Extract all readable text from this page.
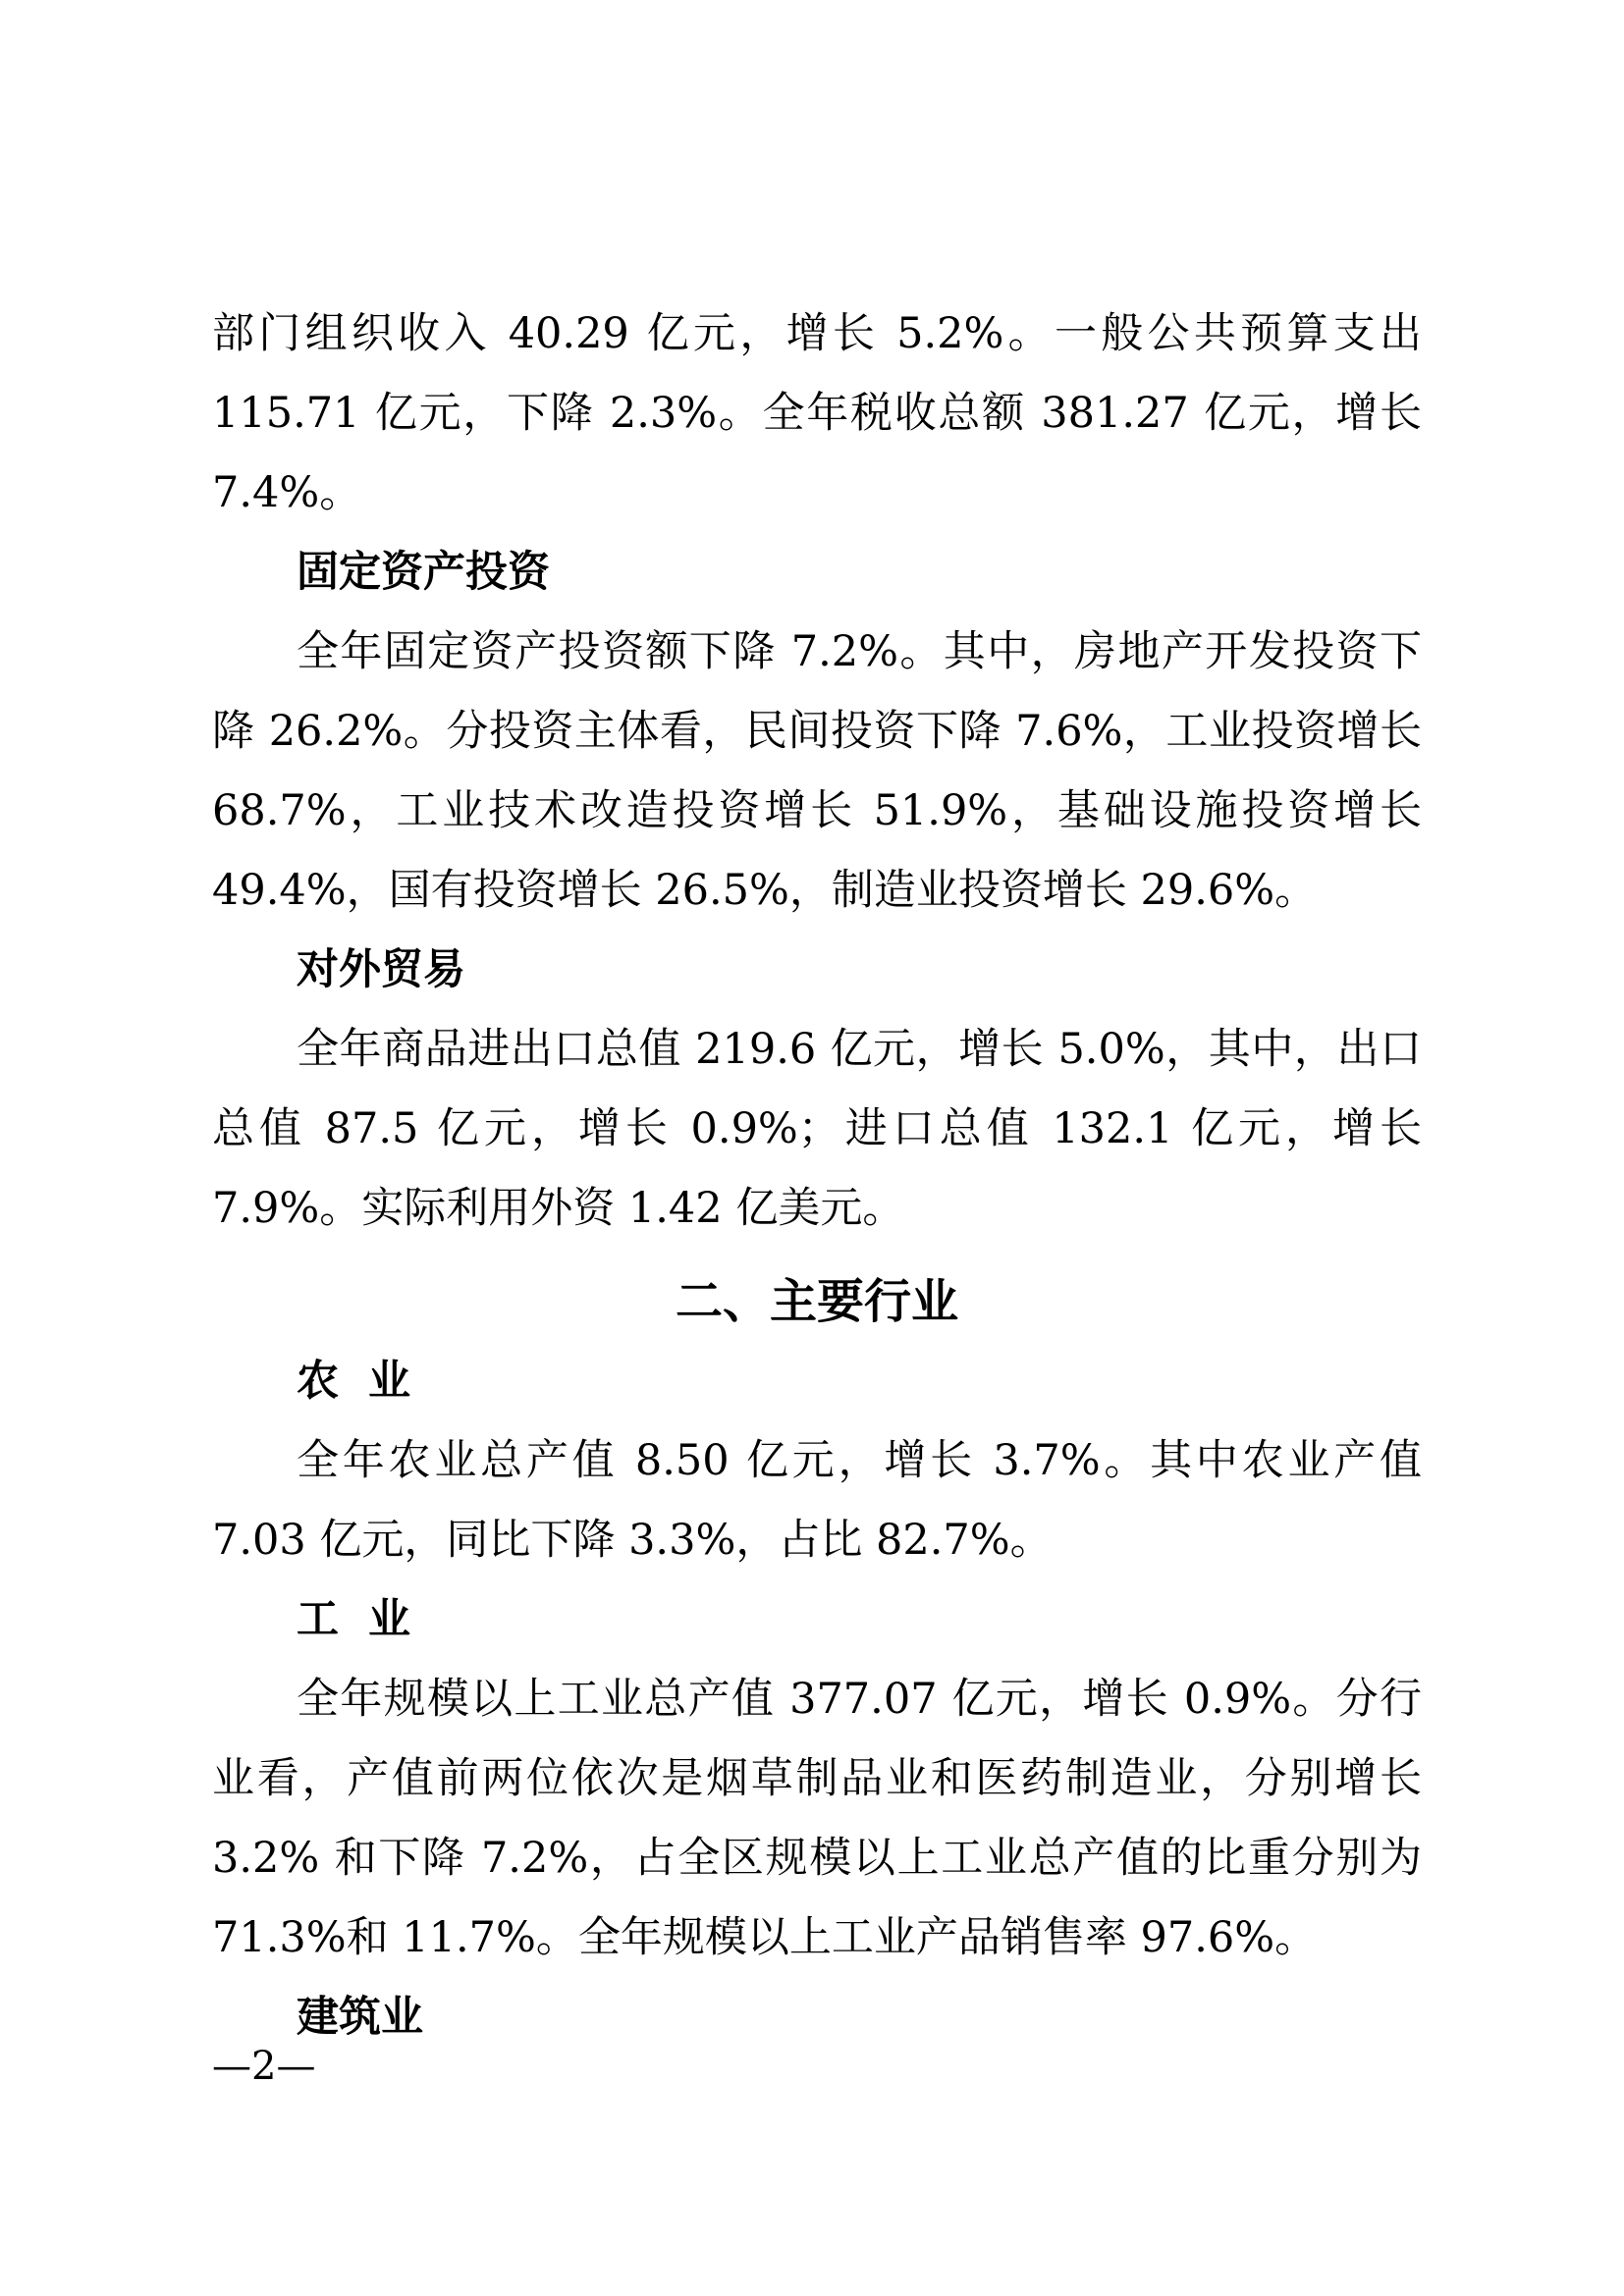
部门组织收入 40.29 亿元，增长 5.2%。一般公共预算支出 115.71 亿元，下降 2.3%。全年税收总额 381.27 亿元，增长 7.4%。

固定资产投资

全年固定资产投资额下降 7.2%。其中，房地产开发投资下降 26.2%。分投资主体看，民间投资下降 7.6%，工业投资增长 68.7%，工业技术改造投资增长 51.9%，基础设施投资增长 49.4%，国有投资增长 26.5%，制造业投资增长 29.6%。

对外贸易

全年商品进出口总值 219.6 亿元，增长 5.0%，其中，出口总值 87.5 亿元，增长 0.9%；进口总值 132.1 亿元，增长 7.9%。实际利用外资 1.42 亿美元。

二、主要行业
农  业

全年农业总产值 8.50 亿元，增长 3.7%。其中农业产值 7.03 亿元，同比下降 3.3%，占比 82.7%。

工  业

全年规模以上工业总产值 377.07 亿元，增长 0.9%。分行业看，产值前两位依次是烟草制品业和医药制造业，分别增长 3.2% 和下降 7.2%，占全区规模以上工业总产值的比重分别为 71.3%和 11.7%。全年规模以上工业产品销售率 97.6%。

建筑业
—2—
